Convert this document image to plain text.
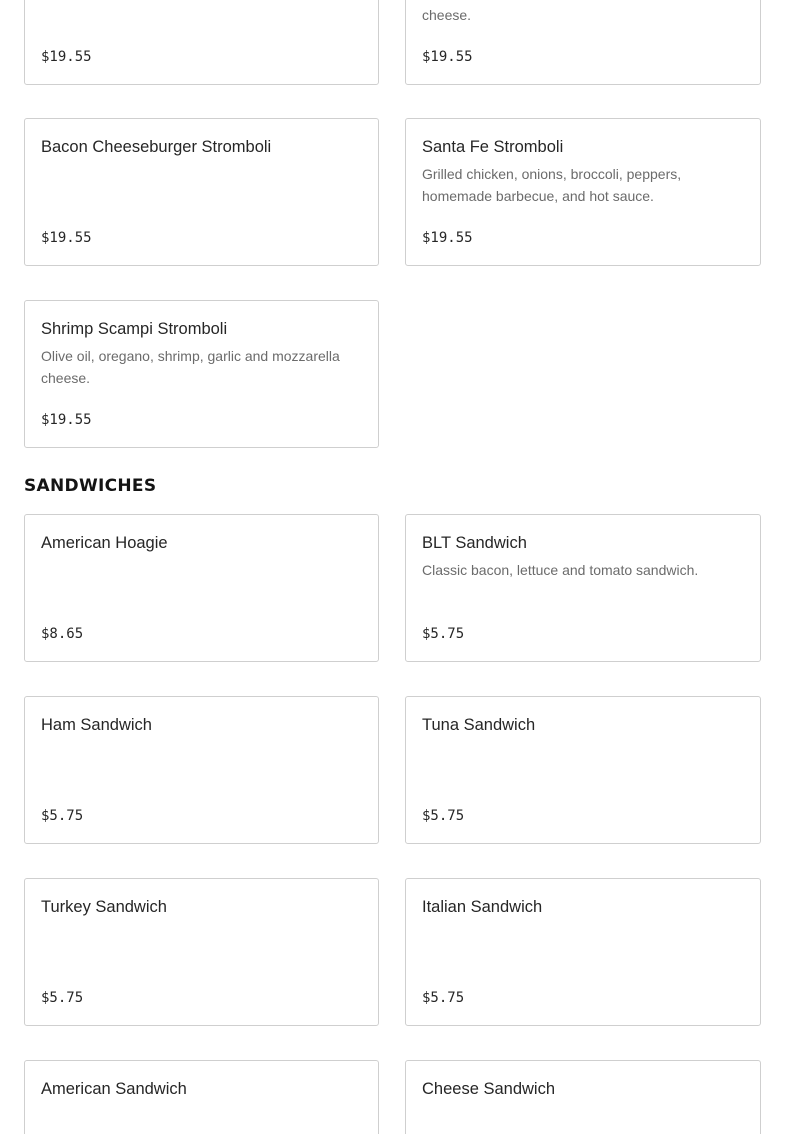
$19.55
cheese.
$19.55
Bacon Cheeseburger Stromboli
$19.55
Santa Fe Stromboli
Grilled chicken, onions, broccoli, peppers, homemade barbecue, and hot sauce.
$19.55
Shrimp Scampi Stromboli
Olive oil, oregano, shrimp, garlic and mozzarella cheese.
$19.55
SANDWICHES
American Hoagie
$8.65
BLT Sandwich
Classic bacon, lettuce and tomato sandwich.
$5.75
Ham Sandwich
$5.75
Tuna Sandwich
$5.75
Turkey Sandwich
$5.75
Italian Sandwich
$5.75
American Sandwich	Cheese Sandwich
